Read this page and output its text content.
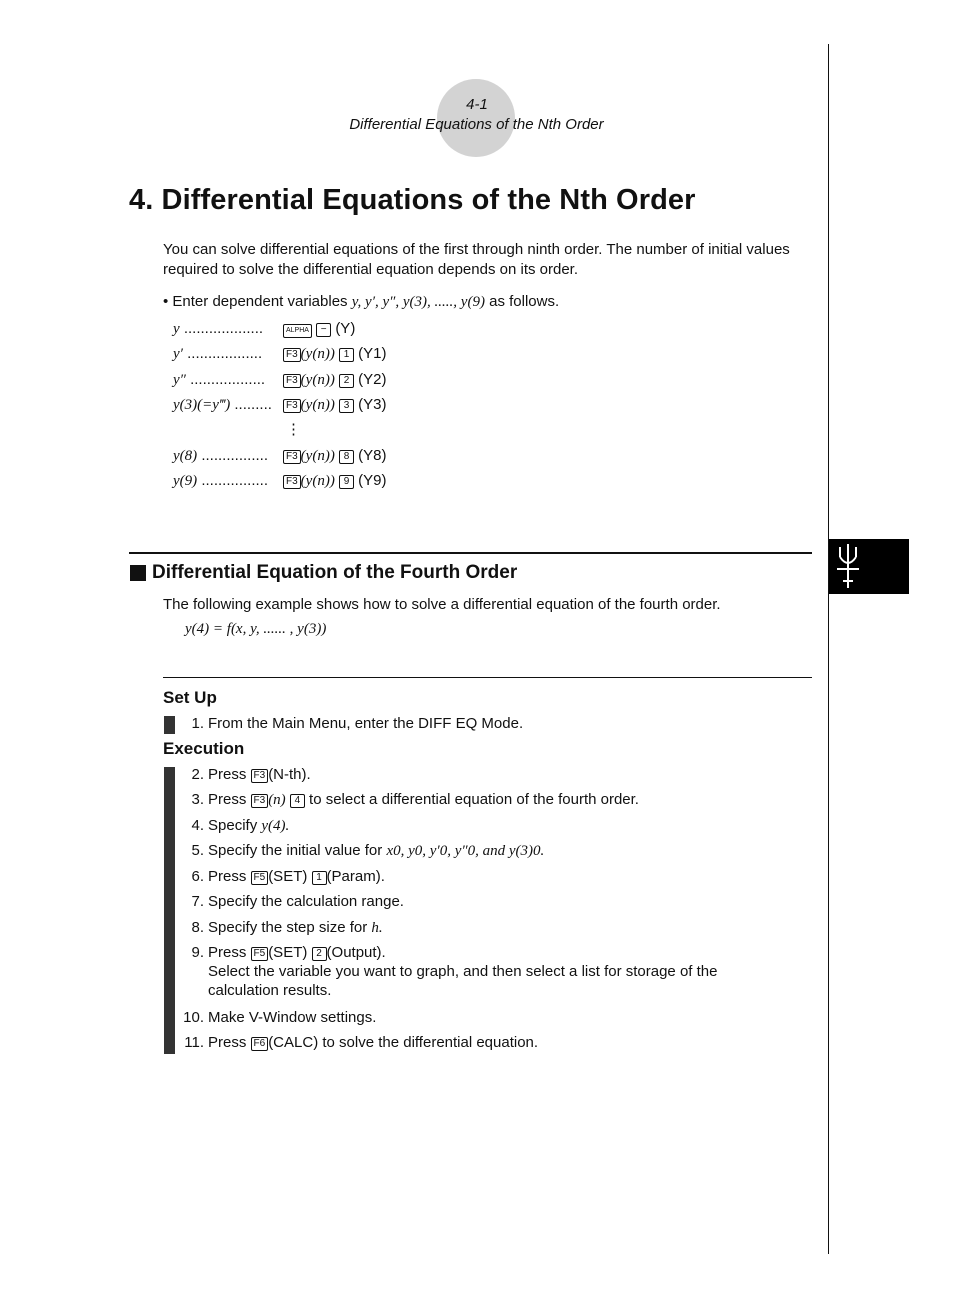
4-1
Differential Equations of the Nth Order
4. Differential Equations of the Nth Order
You can solve differential equations of the first through ninth order. The number of initial values required to solve the differential equation depends on its order.
• Enter dependent variables y, y′, y″, y(3), ....., y(9) as follows.
y ...................	ALPHA − (Y)
y′ ..................	F3 (y(n)) 1 (Y1)
y″ ..................	F3 (y(n)) 2 (Y2)
y(3)(=y‴) .........	F3 (y(n)) 3 (Y3)
⋮
y(8) ................	F3 (y(n)) 8 (Y8)
y(9) ................	F3 (y(n)) 9 (Y9)
Differential Equation of the Fourth Order
The following example shows how to solve a differential equation of the fourth order.
y(4) = f(x, y, ...... , y(3))
Set Up
1. From the Main Menu, enter the DIFF EQ Mode.
Execution
2. Press F3 (N-th).
3. Press F3 (n) 4 to select a differential equation of the fourth order.
4. Specify y(4).
5. Specify the initial value for x0, y0, y′0, y″0, and y(3)0.
6. Press F5 (SET) 1 (Param).
7. Specify the calculation range.
8. Specify the step size for h.
9. Press F5 (SET) 2 (Output).
Select the variable you want to graph, and then select a list for storage of the
calculation results.
10. Make V-Window settings.
11. Press F6 (CALC) to solve the differential equation.
